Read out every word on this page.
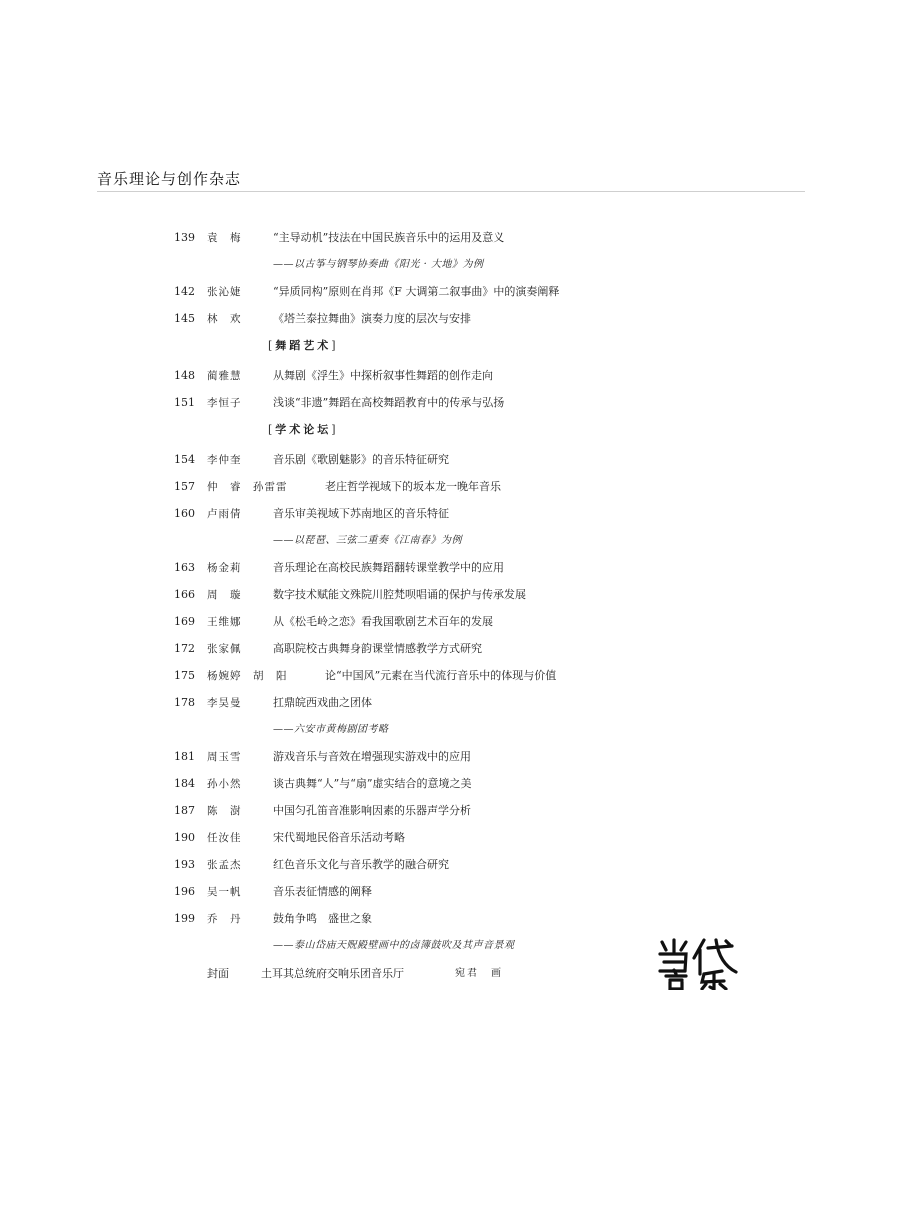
音乐理论与创作杂志
139 袁　梅	“主导动机”技法在中国民族音乐中的运用及意义
——以古筝与钢琴协奏曲《阳光 · 大地》为例
142 张沁婕	“异质同构”原则在肖邦《F 大调第二叙事曲》中的演奏阐释
145 林　欢	《塔兰泰拉舞曲》演奏力度的层次与安排
[舞蹈艺术]
148 蔺雅慧	从舞剧《浮生》中探析叙事性舞蹈的创作走向
151 李恒子	浅谈“非遗”舞蹈在高校舞蹈教育中的传承与弘扬
[学术论坛]
154 李仲奎	音乐剧《歌剧魅影》的音乐特征研究
157 仲　睿　孙雷雷	老庄哲学视域下的坂本龙一晚年音乐
160 卢雨倩	音乐审美视域下苏南地区的音乐特征
——以琵琶、三弦二重奏《江南春》为例
163 杨金莉	音乐理论在高校民族舞蹈翻转课堂教学中的应用
166 周　璇	数字技术赋能文殊院川腔梵呗唱诵的保护与传承发展
169 王维娜	从《松毛岭之恋》看我国歌剧艺术百年的发展
172 张家佩	高职院校古典舞身韵课堂情感教学方式研究
175 杨婉婷　胡　阳	论“中国风”元素在当代流行音乐中的体现与价值
178 李昊曼	扛鼎皖西戏曲之团体
——六安市黄梅剧团考略
181 周玉雪	游戏音乐与音效在增强现实游戏中的应用
184 孙小然	谈古典舞“人”与“扇”虚实结合的意境之美
187 陈　澍	中国匀孔笛音准影响因素的乐器声学分析
190 任汝佳	宋代蜀地民俗音乐活动考略
193 张孟杰	红色音乐文化与音乐教学的融合研究
196 吴一帆	音乐表征情感的阐释
199 乔　丹	鼓角争鸣　盛世之象
——泰山岱庙天贶殿壁画中的卤簿鼓吹及其声音景观
封面	土耳其总统府交响乐团音乐厅	宛君　画
